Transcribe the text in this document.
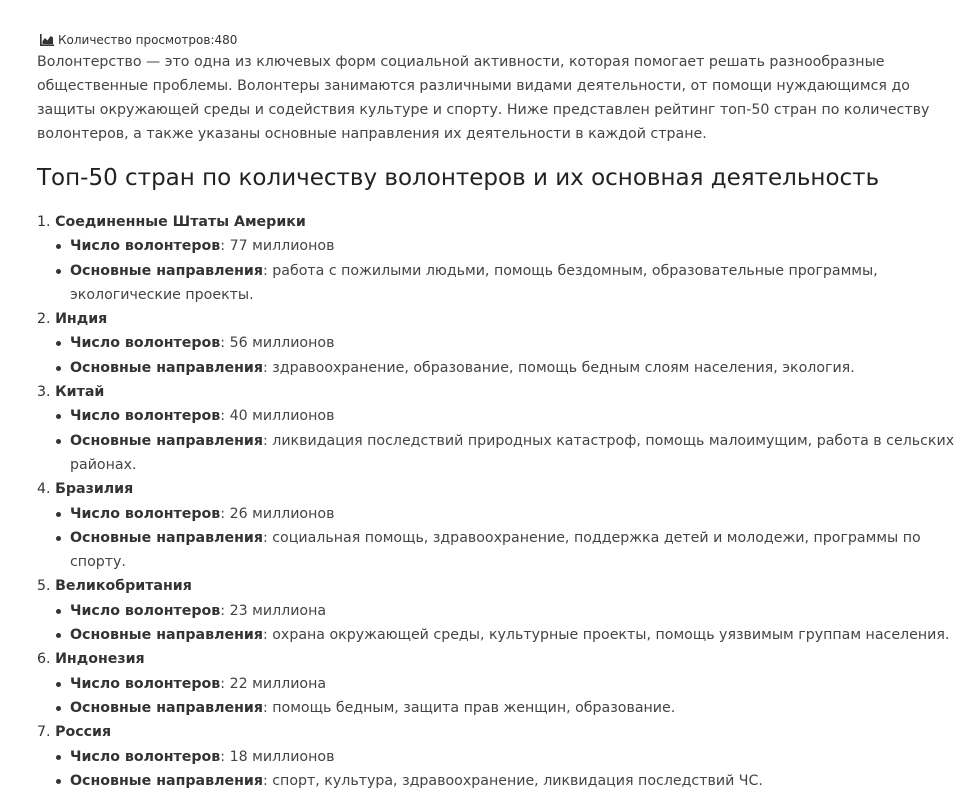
Количество просмотров: 480

Волонтерство — это одна из ключевых форм социальной активности, которая помогает решать разнообразные общественные проблемы. Волонтеры занимаются различными видами деятельности, от помощи нуждающимся до защиты окружающей среды и содействия культуре и спорту. Ниже представлен рейтинг топ-50 стран по количеству волонтеров, а также указаны основные направления их деятельности в каждой стране.

Топ-50 стран по количеству волонтеров и их основная деятельность
1. Соединенные Штаты Америки
Число волонтеров: 77 миллионов
Основные направления: работа с пожилыми людьми, помощь бездомным, образовательные программы, экологические проекты.
2. Индия
Число волонтеров: 56 миллионов
Основные направления: здравоохранение, образование, помощь бедным слоям населения, экология.
3. Китай
Число волонтеров: 40 миллионов
Основные направления: ликвидация последствий природных катастроф, помощь малоимущим, работа в сельских районах.
4. Бразилия
Число волонтеров: 26 миллионов
Основные направления: социальная помощь, здравоохранение, поддержка детей и молодежи, программы по спорту.
5. Великобритания
Число волонтеров: 23 миллиона
Основные направления: охрана окружающей среды, культурные проекты, помощь уязвимым группам населения.
6. Индонезия
Число волонтеров: 22 миллиона
Основные направления: помощь бедным, защита прав женщин, образование.
7. Россия
Число волонтеров: 18 миллионов
Основные направления: спорт, культура, здравоохранение, ликвидация последствий ЧС.
